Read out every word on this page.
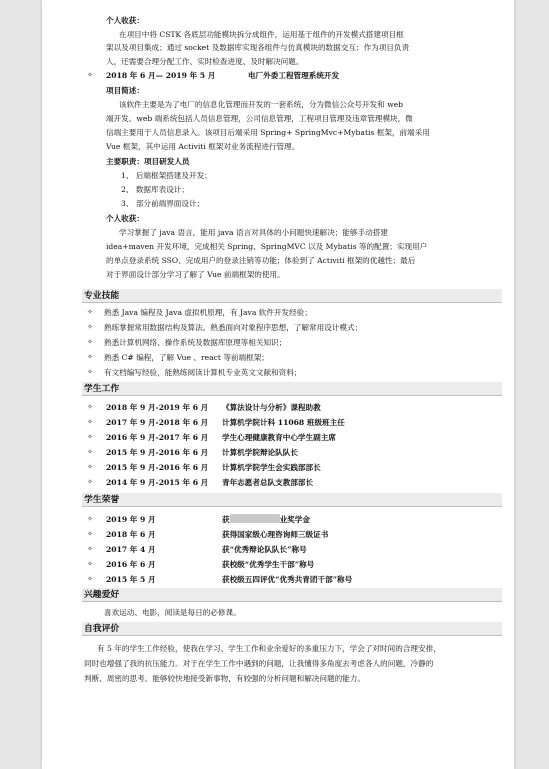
个人收获：
在项目中将 CSTK 各底层功能模块拆分成组件，运用基于组件的开发模式搭建项目框
架以及项目集成；通过 socket 及数据库实现各组件与仿真模块的数据交互；作为项目负责
人，还需要合理分配工作、实时检查进度、及时解决问题。
✧ 2018 年 6 月— 2019 年 5 月	电厂外委工程管理系统开发
项目简述：
该软件主要是为了电厂的信息化管理而开发的一套系统，分为微信公众号开发和 web
端开发。web 端系统包括人员信息管理，公司信息管理，工程项目管理及违章管理模块，微
信端主要用于人员信息录入。该项目后端采用 Spring+ SpringMvc+Mybatis 框架，前端采用
Vue 框架，其中运用 Activiti 框架对业务流程进行管理。
主要职责：项目研发人员
1、 后端框架搭建及开发；
2、 数据库表设计；
3、 部分前端界面设计；
个人收获：
学习掌握了 java 语言，能用 java 语言对具体的小问题快速解决；能够手动搭建
idea+maven 开发环境，完成相关 Spring、SpringMVC 以及 Mybatis 等的配置；实现用户
的单点登录系统 SSO、完成用户的登录注销等功能；体验到了 Activiti 框架的优越性；最后
对于界面设计部分学习了解了 Vue 前端框架的使用。
专业技能
✧ 熟悉 Java 编程及 Java 虚拟机原理，有 Java 软件开发经验；
✧ 熟练掌握常用数据结构及算法，熟悉面向对象程序思想，了解常用设计模式；
✧ 熟悉计算机网络、操作系统及数据库原理等相关知识；
✧ 熟悉 C# 编程，了解 Vue 、react 等前端框架；
✧ 有文档编写经验，能熟练阅读计算机专业英文文献和资料；
学生工作
✧ 2018 年 9 月-2019 年 6 月 《算法设计与分析》课程助教
✧ 2017 年 9 月-2018 年 6 月 计算机学院计科 11068 班级班主任
✧ 2016 年 9 月-2017 年 6 月 学生心理健康教育中心学生副主席
✧ 2015 年 9 月-2016 年 6 月 计算机学院辩论队队长
✧ 2015 年 9 月-2016 年 6 月 计算机学院学生会实践部部长
✧ 2014 年 9 月-2015 年 6 月 青年志愿者总队支教部部长
学生荣誉
✧ 2019 年 9 月	获	业奖学金
✧ 2018 年 6 月	获得国家级心理咨询师三级证书
✧ 2017 年 4 月	获“优秀辩论队队长”称号
✧ 2016 年 6 月	获校级“优秀学生干部”称号
✧ 2015 年 5 月	获校级五四评优“优秀共青团干部”称号
兴趣爱好
喜欢运动、电影，阅读是每日的必修课。
自我评价
有 5 年的学生工作经验，使我在学习、学生工作和业余爱好的多重压力下，学会了对时间的合理安排，
同时也增强了我的抗压能力。对于在学生工作中遇到的问题，让我懂得多角度去考虑各人的问题，冷静的
判断、周密的思考。能够较快地接受新事物，有较强的分析问题和解决问题的能力。
